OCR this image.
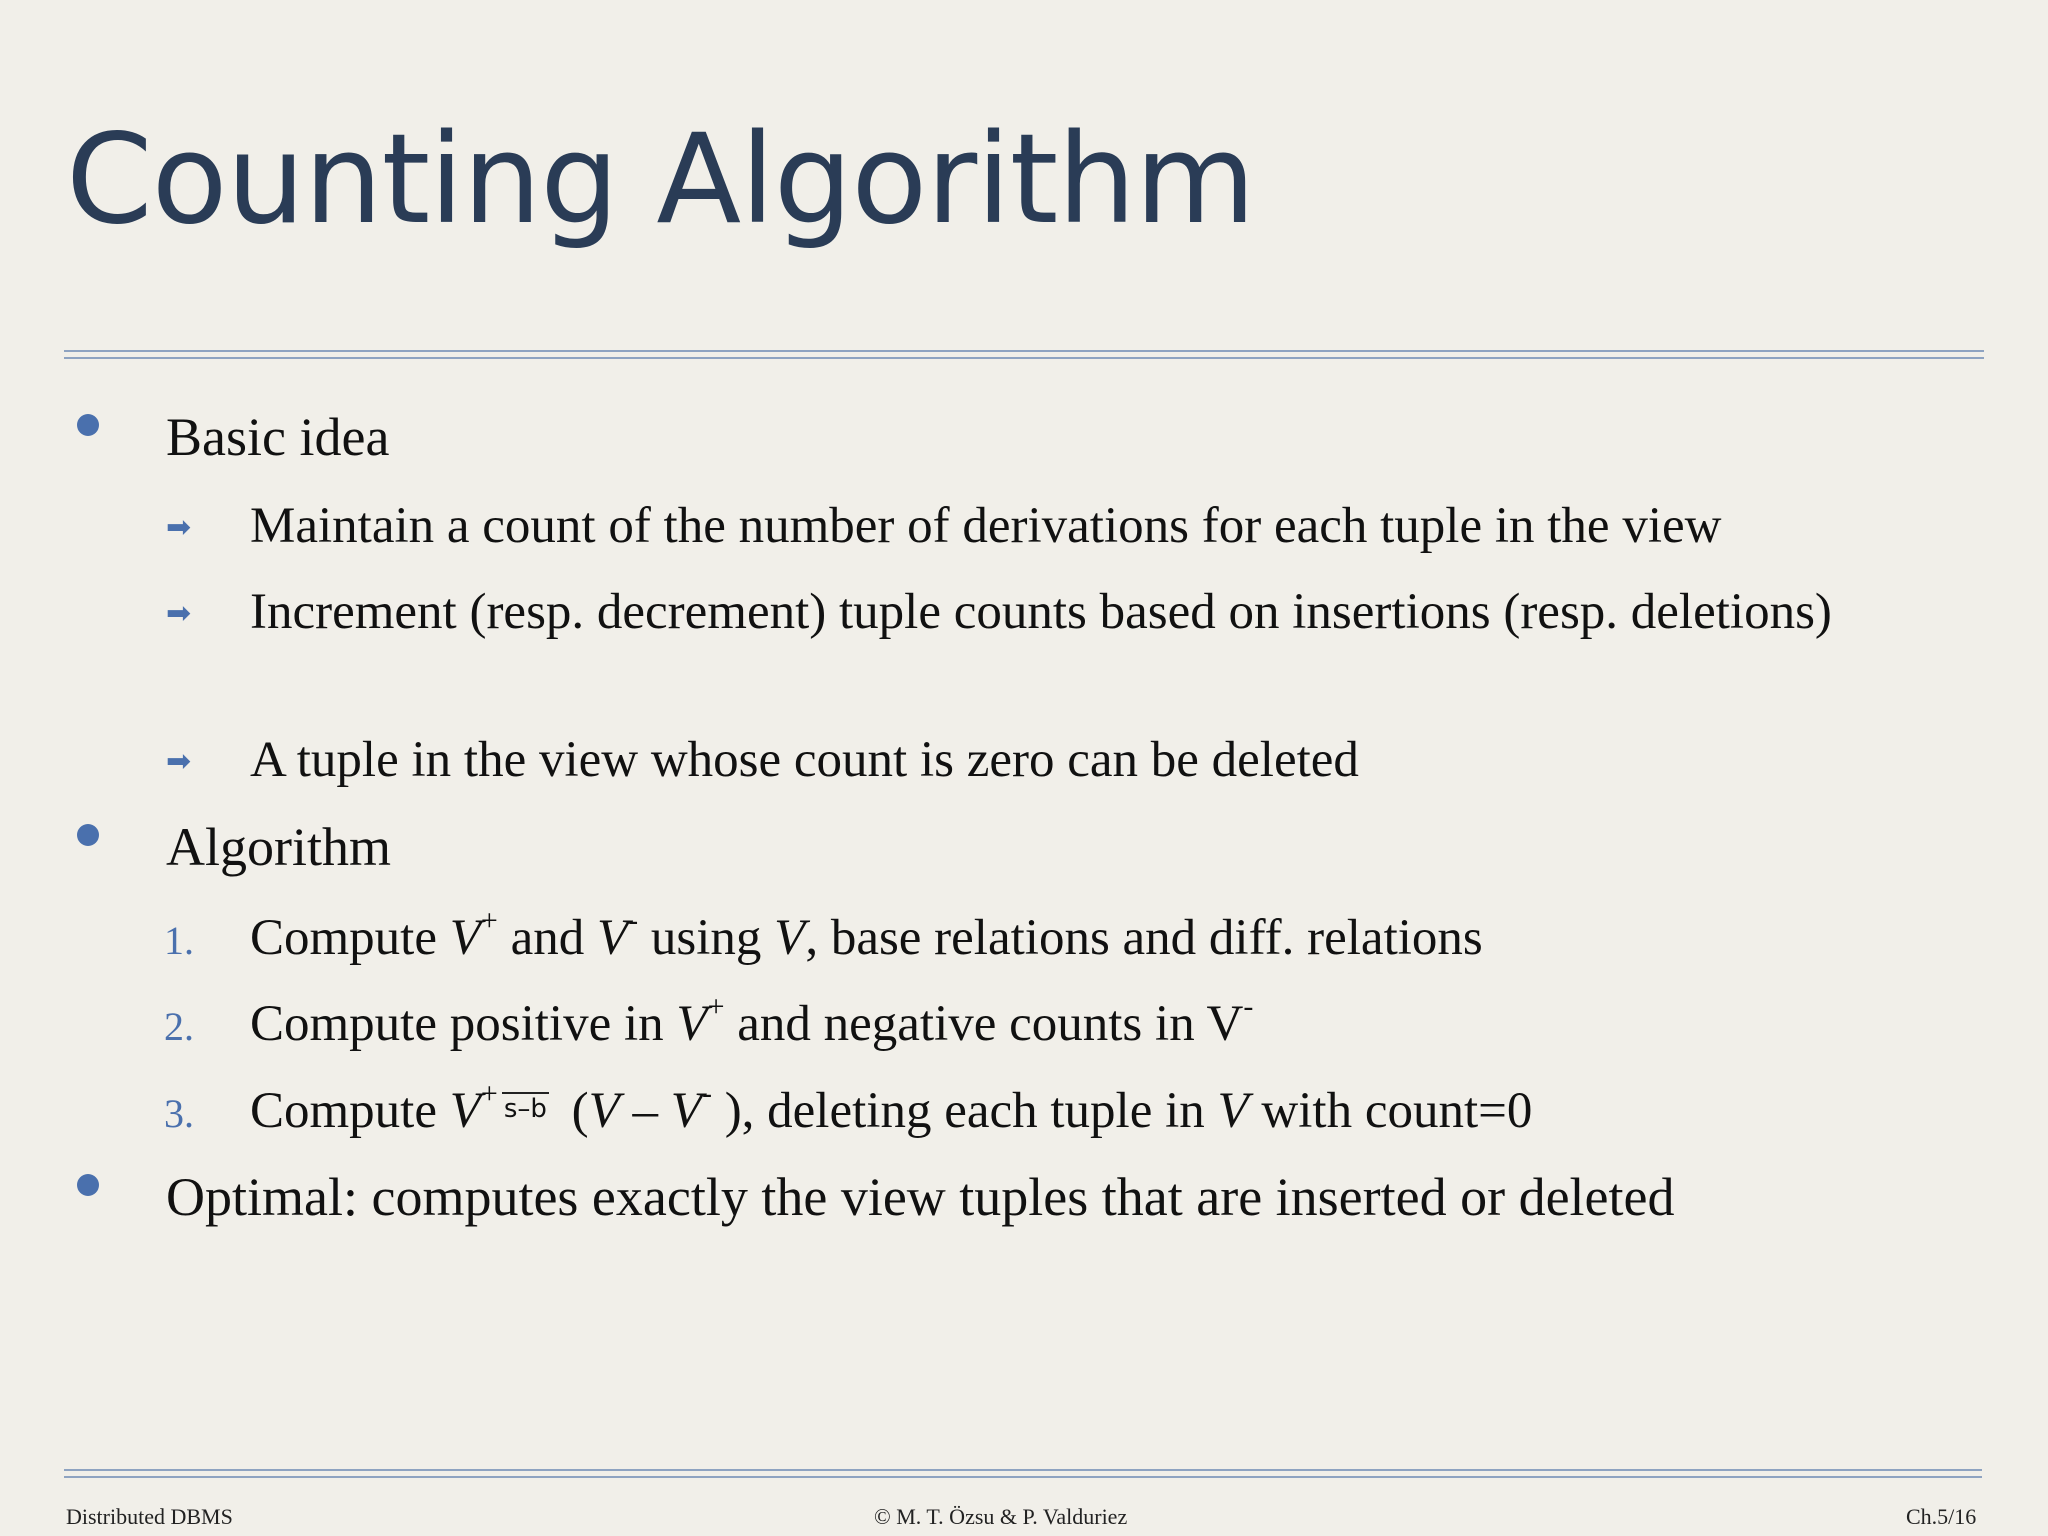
Counting Algorithm
Basic idea
➡ Maintain a count of the number of derivations for each tuple in the view
➡ Increment (resp. decrement) tuple counts based on insertions (resp. deletions)
➡ A tuple in the view whose count is zero can be deleted
Algorithm
1. Compute V+ and V- using V, base relations and diff. relations
2. Compute positive in V+ and negative counts in V-
3. Compute V+ s–b (V – V- ), deleting each tuple in V with count=0
Optimal: computes exactly the view tuples that are inserted or deleted
Distributed DBMS	© M. T. Özsu & P. Valduriez	Ch.5/16
